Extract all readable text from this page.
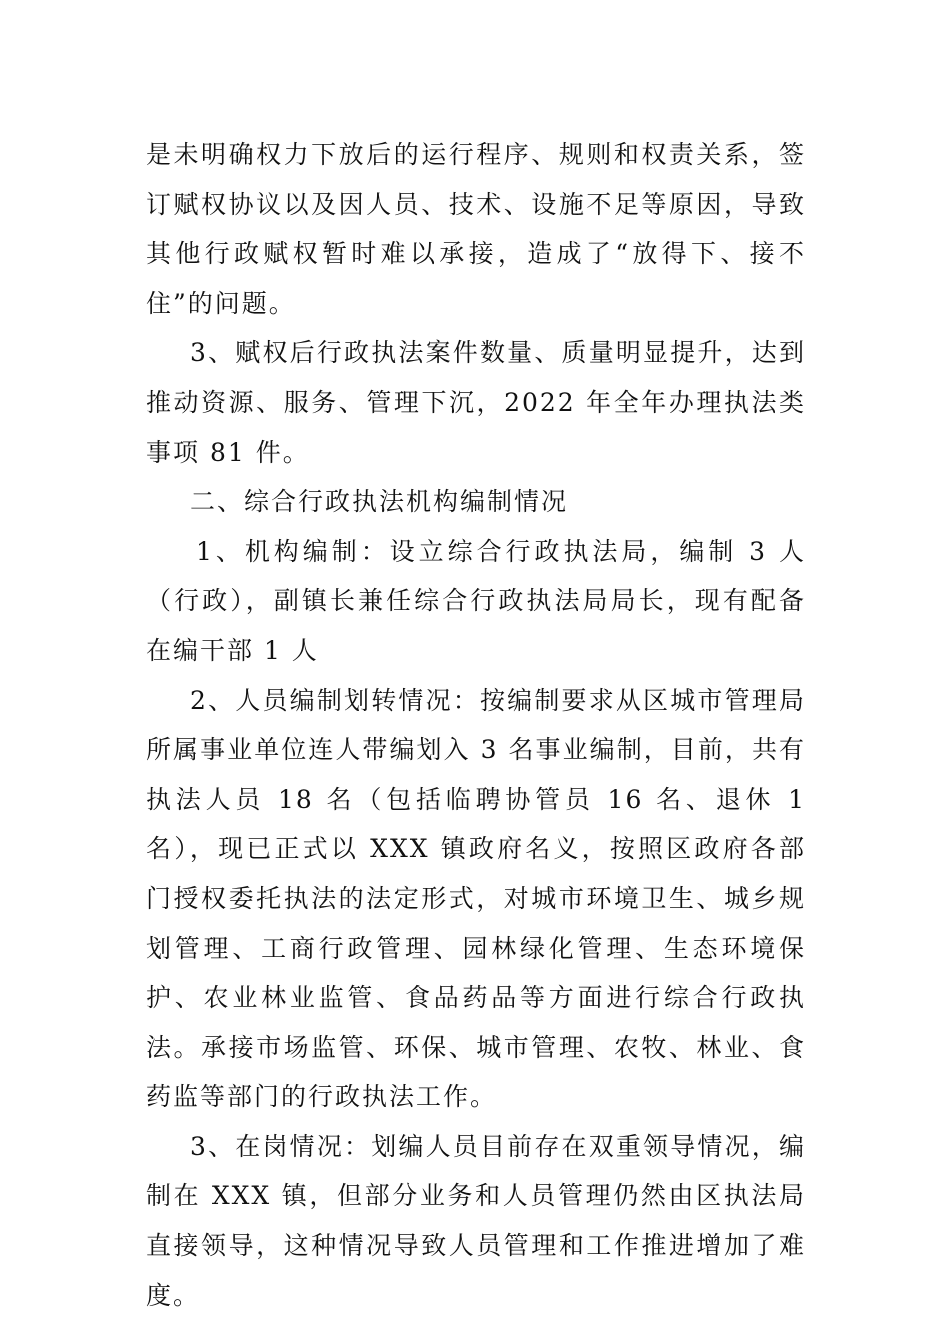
是未明确权力下放后的运行程序、规则和权责关系，签订赋权协议以及因人员、技术、设施不足等原因，导致其他行政赋权暂时难以承接，造成了“放得下、接不住”的问题。

3、赋权后行政执法案件数量、质量明显提升，达到推动资源、服务、管理下沉，2022 年全年办理执法类事项 81 件。

二、综合行政执法机构编制情况

1、机构编制：设立综合行政执法局，编制 3 人（行政），副镇长兼任综合行政执法局局长，现有配备在编干部 1 人

2、人员编制划转情况：按编制要求从区城市管理局所属事业单位连人带编划入 3 名事业编制，目前，共有执法人员 18 名（包括临聘协管员 16 名、退休 1 名），现已正式以 XXX 镇政府名义，按照区政府各部门授权委托执法的法定形式，对城市环境卫生、城乡规划管理、工商行政管理、园林绿化管理、生态环境保护、农业林业监管、食品药品等方面进行综合行政执法。承接市场监管、环保、城市管理、农牧、林业、食药监等部门的行政执法工作。

3、在岗情况：划编人员目前存在双重领导情况，编制在 XXX 镇，但部分业务和人员管理仍然由区执法局直接领导，这种情况导致人员管理和工作推进增加了难度。
